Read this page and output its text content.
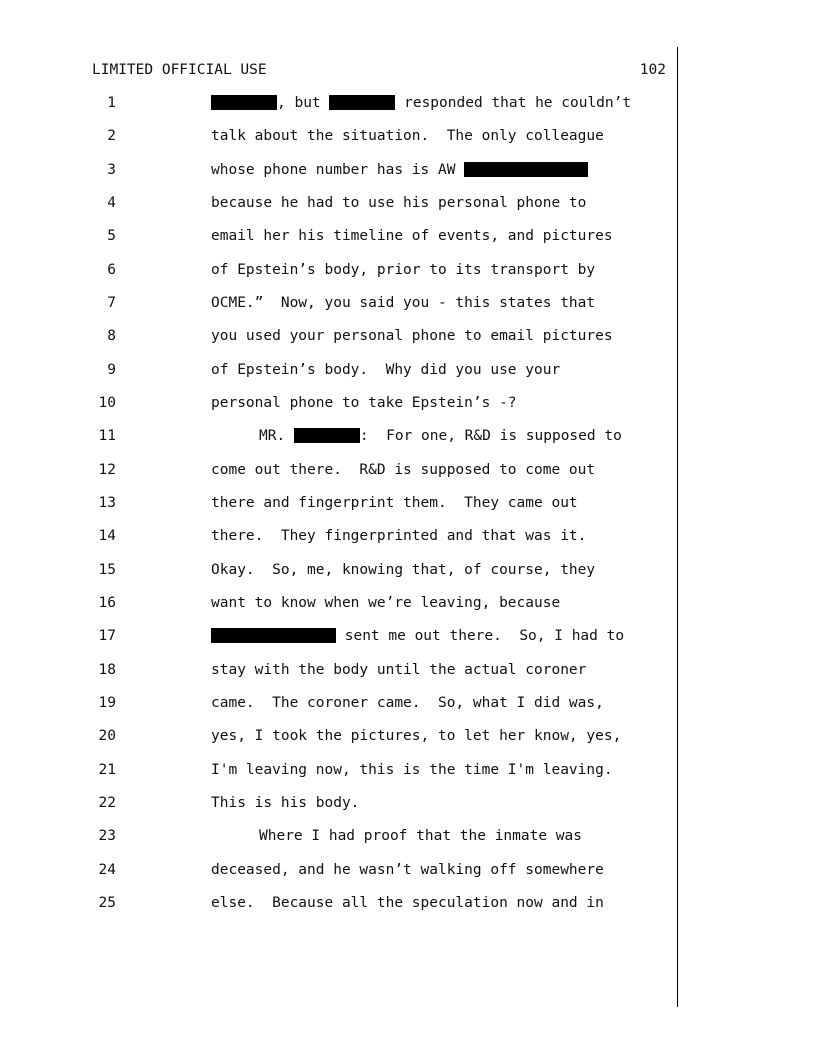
LIMITED OFFICIAL USE	102
1	, but	responded that he couldn’t
2	talk about the situation.  The only colleague
3	whose phone number has is AW
4	because he had to use his personal phone to
5	email her his timeline of events, and pictures
6	of Epstein’s body, prior to its transport by
7	OCME.”  Now, you said you - this states that
8	you used your personal phone to email pictures
9	of Epstein’s body.  Why did you use your
10	personal phone to take Epstein’s -?
11	MR.	:  For one, R&D is supposed to
12	come out there.  R&D is supposed to come out
13	there and fingerprint them.  They came out
14	there.  They fingerprinted and that was it.
15	Okay.  So, me, knowing that, of course, they
16	want to know when we’re leaving, because
17	sent me out there.  So, I had to
18	stay with the body until the actual coroner
19	came.  The coroner came.  So, what I did was,
20	yes, I took the pictures, to let her know, yes,
21	I'm leaving now, this is the time I'm leaving.
22	This is his body.
23	Where I had proof that the inmate was
24	deceased, and he wasn’t walking off somewhere
25	else.  Because all the speculation now and in
